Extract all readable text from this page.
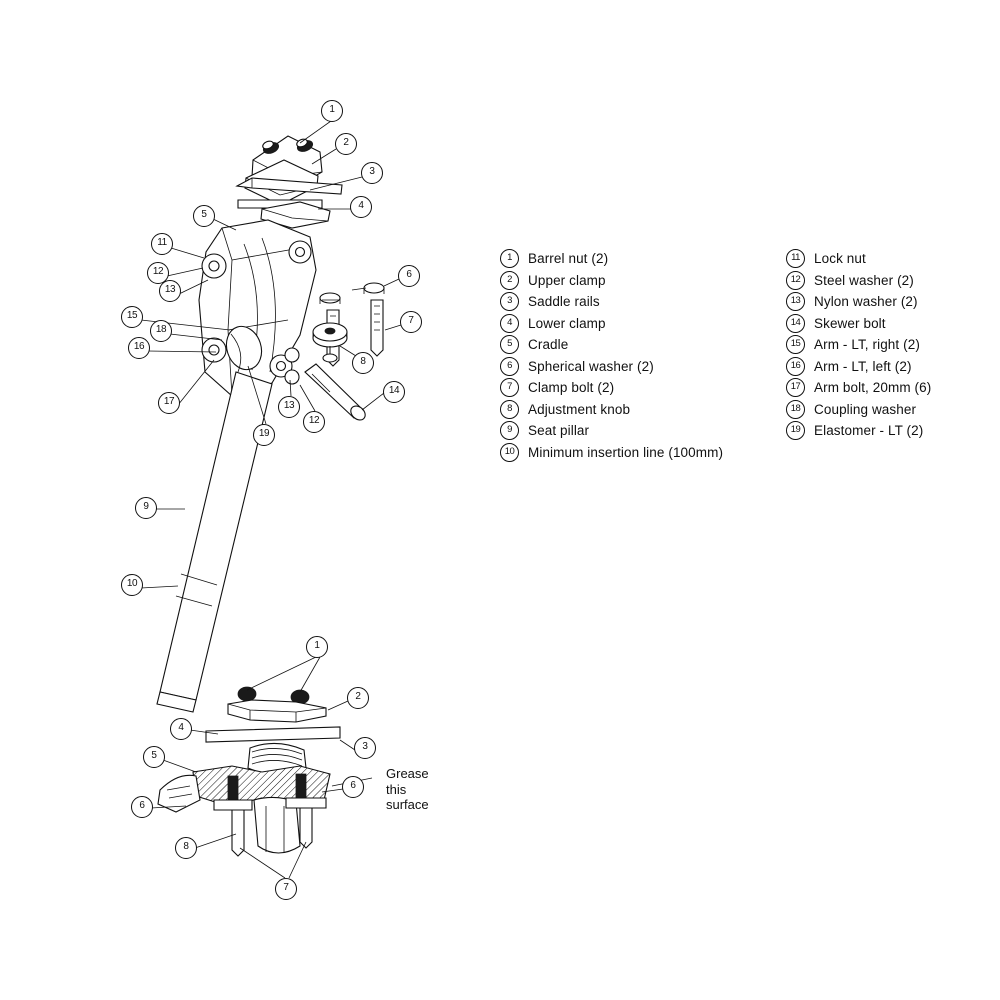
1
2
3
4
5
6
7
8
9
10
11
12
13
15
18
16
17
19
13
12
14
1
2
3
4
5
6
6
8
7
Grease
this
surface
1	Barrel nut (2)
2	Upper clamp
3	Saddle rails
4	Lower clamp
5	Cradle
6	Spherical washer (2)
7	Clamp bolt (2)
8	Adjustment knob
9	Seat pillar
10	Minimum insertion line (100mm)
11	Lock nut
12	Steel washer (2)
13	Nylon washer (2)
14	Skewer bolt
15	Arm - LT, right (2)
16	Arm - LT, left (2)
17	Arm bolt, 20mm (6)
18	Coupling washer
19	Elastomer - LT (2)
